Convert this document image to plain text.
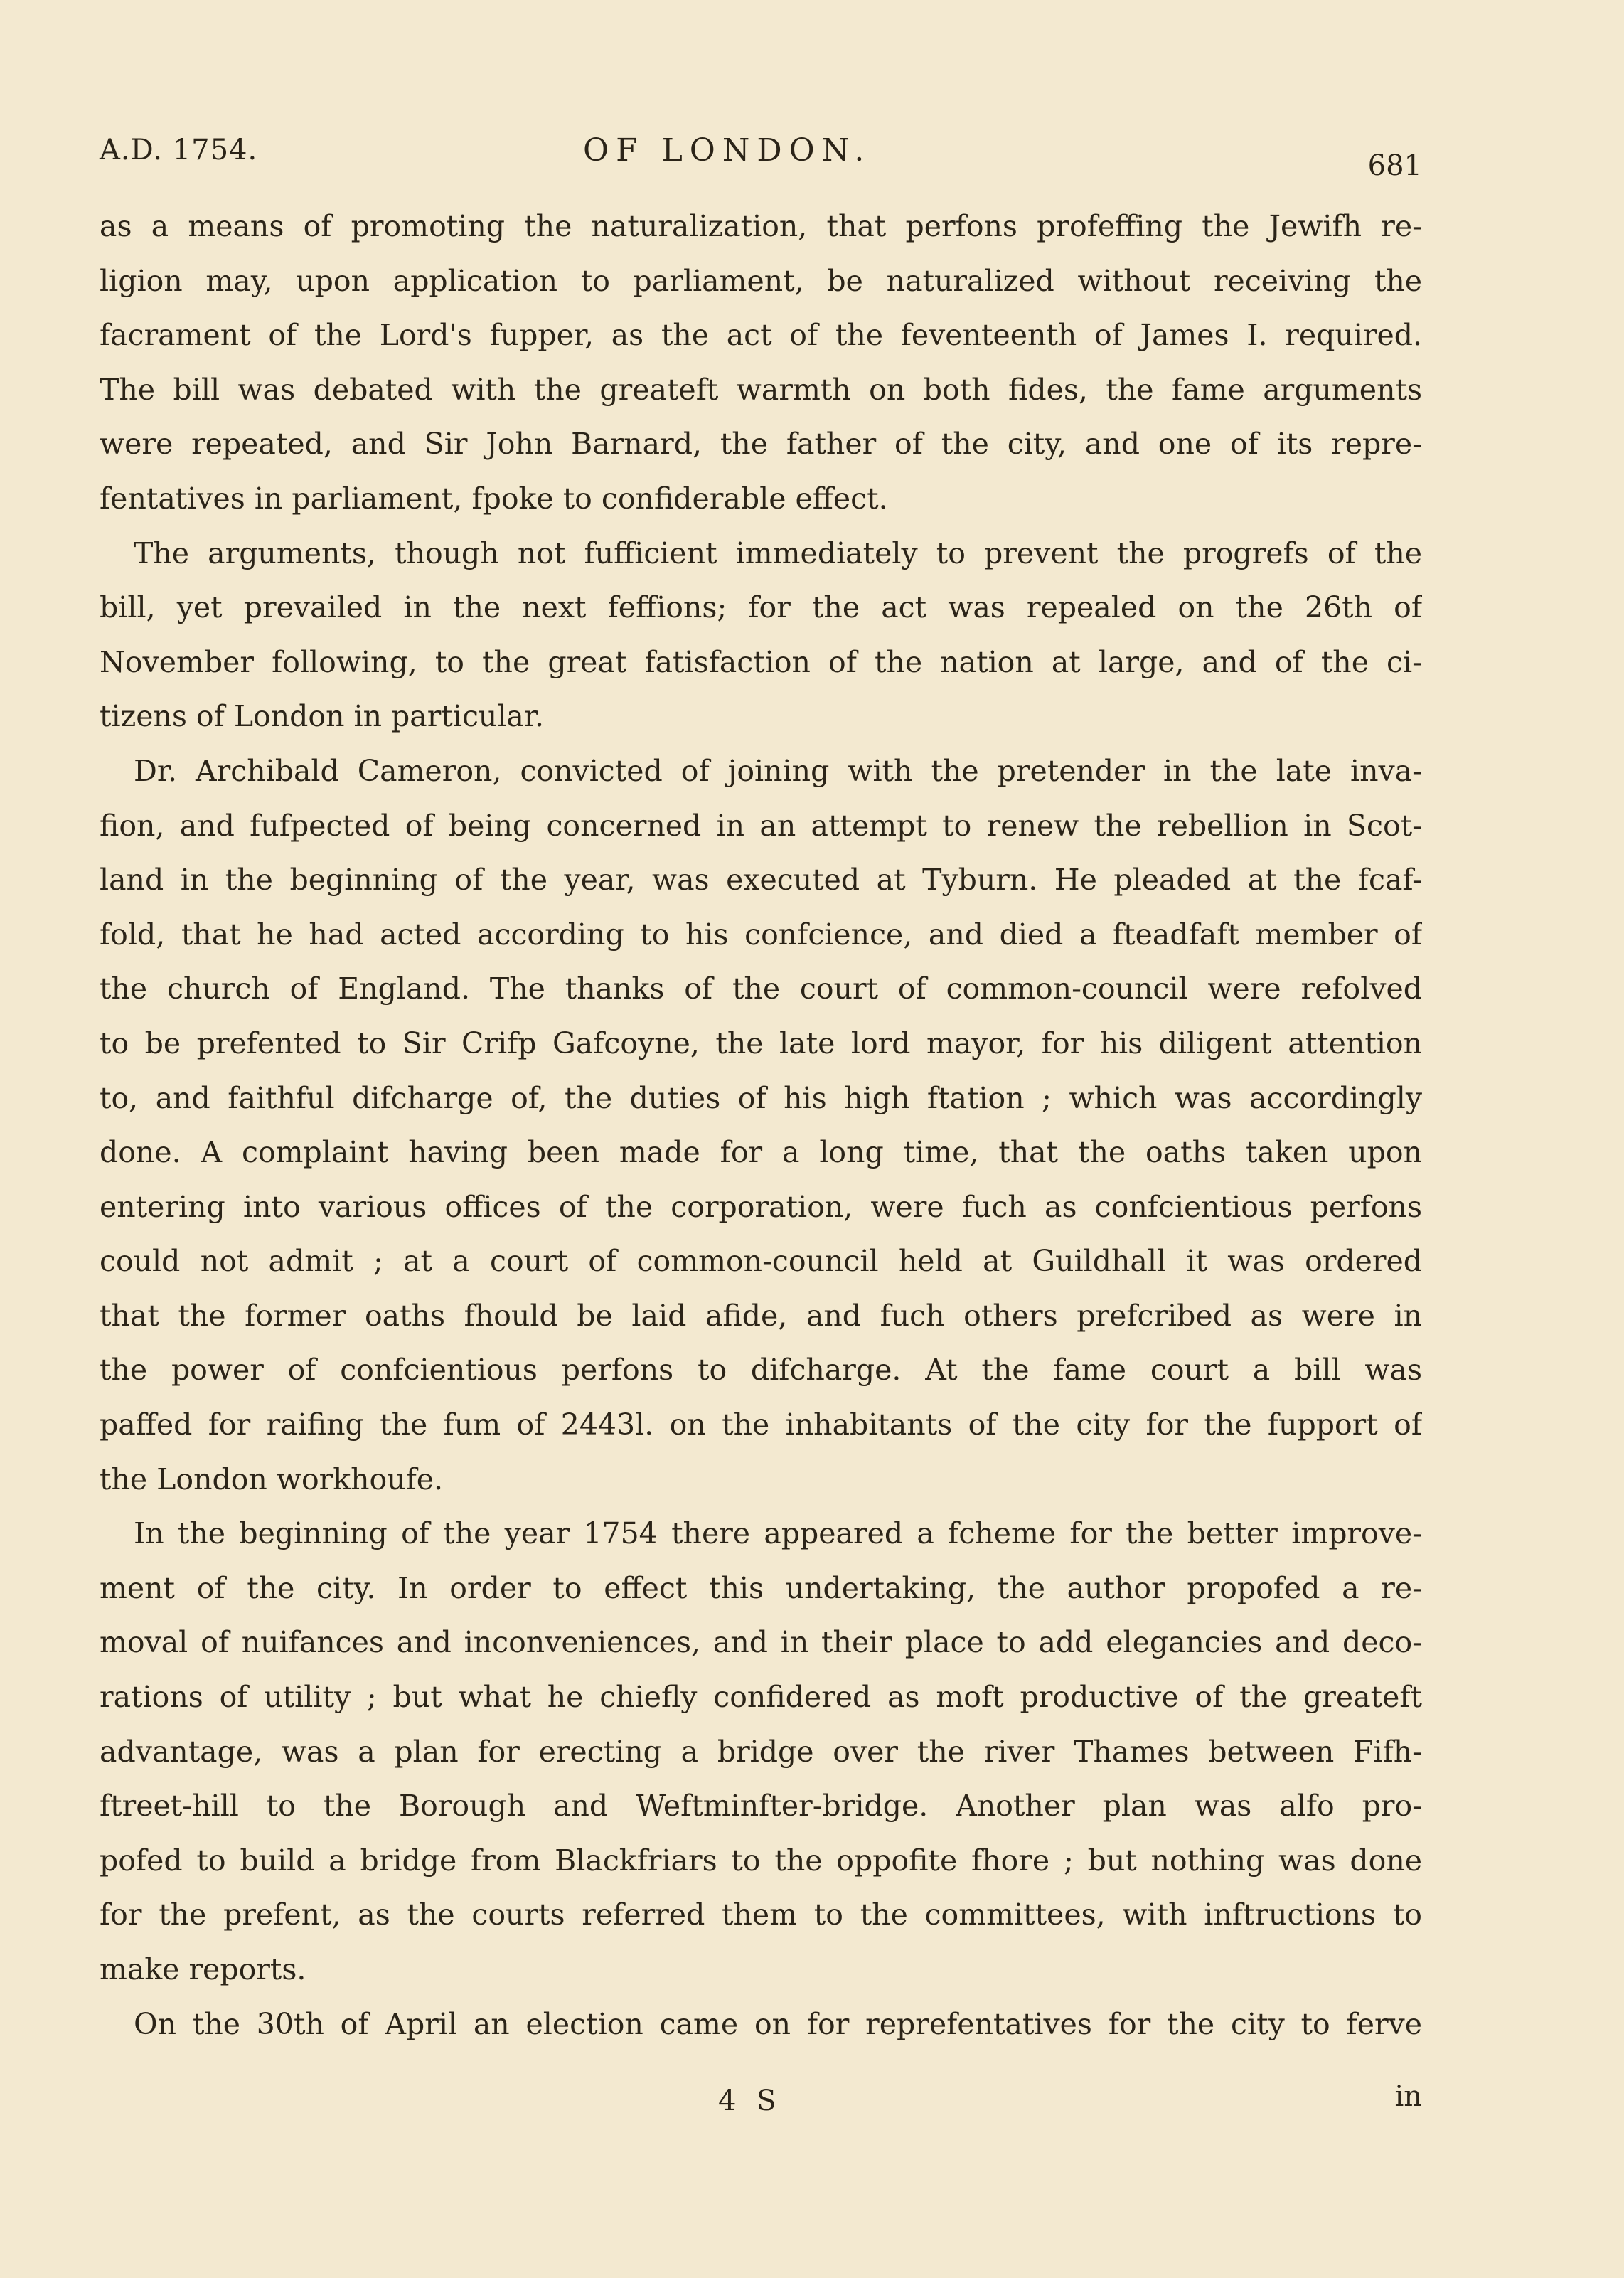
A.D. 1754.	OF LONDON.	681
as a means of promoting the naturalization, that perfons profeffing the Jewifh re-
ligion may, upon application to parliament, be naturalized without receiving the
facrament of the Lord's fupper, as the act of the feventeenth of James I. required.
The bill was debated with the greateft warmth on both fides, the fame arguments
were repeated, and Sir John Barnard, the father of the city, and one of its repre-
fentatives in parliament, fpoke to confiderable effect.
The arguments, though not fufficient immediately to prevent the progrefs of the
bill, yet prevailed in the next feffions; for the act was repealed on the 26th of
November following, to the great fatisfaction of the nation at large, and of the ci-
tizens of London in particular.
Dr. Archibald Cameron, convicted of joining with the pretender in the late inva-
fion, and fufpected of being concerned in an attempt to renew the rebellion in Scot-
land in the beginning of the year, was executed at Tyburn. He pleaded at the fcaf-
fold, that he had acted according to his confcience, and died a fteadfaft member of
the church of England. The thanks of the court of common-council were refolved
to be prefented to Sir Crifp Gafcoyne, the late lord mayor, for his diligent attention
to, and faithful difcharge of, the duties of his high ftation ; which was accordingly
done. A complaint having been made for a long time, that the oaths taken upon
entering into various offices of the corporation, were fuch as confcientious perfons
could not admit ; at a court of common-council held at Guildhall it was ordered
that the former oaths fhould be laid afide, and fuch others prefcribed as were in
the power of confcientious perfons to difcharge. At the fame court a bill was
paffed for raifing the fum of 2443l. on the inhabitants of the city for the fupport of
the London workhoufe.
In the beginning of the year 1754 there appeared a fcheme for the better improve-
ment of the city. In order to effect this undertaking, the author propofed a re-
moval of nuifances and inconveniences, and in their place to add elegancies and deco-
rations of utility ; but what he chiefly confidered as moft productive of the greateft
advantage, was a plan for erecting a bridge over the river Thames between Fifh-
ftreet-hill to the Borough and Weftminfter-bridge. Another plan was alfo pro-
pofed to build a bridge from Blackfriars to the oppofite fhore ; but nothing was done
for the prefent, as the courts referred them to the committees, with inftructions to
make reports.
On the 30th of April an election came on for reprefentatives for the city to ferve
4 S	in
